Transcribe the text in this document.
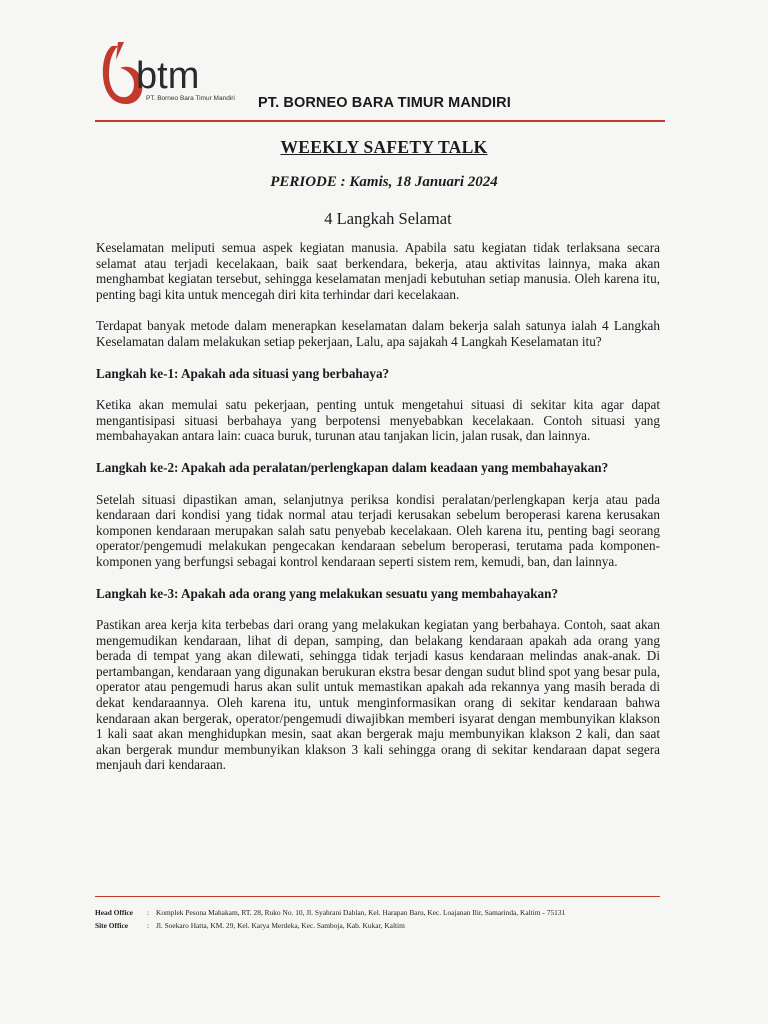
btm
PT. Borneo Bara Timur Mandiri PT. BORNEO BARA TIMUR MANDIRI
WEEKLY SAFETY TALK
PERIODE : Kamis, 18 Januari 2024
4 Langkah Selamat

Keselamatan meliputi semua aspek kegiatan manusia. Apabila satu kegiatan tidak terlaksana secara selamat atau terjadi kecelakaan, baik saat berkendara, bekerja, atau aktivitas lainnya, maka akan menghambat kegiatan tersebut, sehingga keselamatan menjadi kebutuhan setiap manusia. Oleh karena itu, penting bagi kita untuk mencegah diri kita terhindar dari kecelakaan.

Terdapat banyak metode dalam menerapkan keselamatan dalam bekerja salah satunya ialah 4 Langkah Keselamatan dalam melakukan setiap pekerjaan, Lalu, apa sajakah 4 Langkah Keselamatan itu?

Langkah ke-1: Apakah ada situasi yang berbahaya?

Ketika akan memulai satu pekerjaan, penting untuk mengetahui situasi di sekitar kita agar dapat mengantisipasi situasi berbahaya yang berpotensi menyebabkan kecelakaan. Contoh situasi yang membahayakan antara lain: cuaca buruk, turunan atau tanjakan licin, jalan rusak, dan lainnya.

Langkah ke-2: Apakah ada peralatan/perlengkapan dalam keadaan yang membahayakan?

Setelah situasi dipastikan aman, selanjutnya periksa kondisi peralatan/perlengkapan kerja atau pada kendaraan dari kondisi yang tidak normal atau terjadi kerusakan sebelum beroperasi karena kerusakan komponen kendaraan merupakan salah satu penyebab kecelakaan. Oleh karena itu, penting bagi seorang operator/pengemudi melakukan pengecakan kendaraan sebelum beroperasi, terutama pada komponen-komponen yang berfungsi sebagai kontrol kendaraan seperti sistem rem, kemudi, ban, dan lainnya.

Langkah ke-3: Apakah ada orang yang melakukan sesuatu yang membahayakan?

Pastikan area kerja kita terbebas dari orang yang melakukan kegiatan yang berbahaya. Contoh, saat akan mengemudikan kendaraan, lihat di depan, samping, dan belakang kendaraan apakah ada orang yang berada di tempat yang akan dilewati, sehingga tidak terjadi kasus kendaraan melindas anak-anak. Di pertambangan, kendaraan yang digunakan berukuran ekstra besar dengan sudut blind spot yang besar pula, operator atau pengemudi harus akan sulit untuk memastikan apakah ada rekannya yang masih berada di dekat kendaraannya. Oleh karena itu, untuk menginformasikan orang di sekitar kendaraan bahwa kendaraan akan bergerak, operator/pengemudi diwajibkan memberi isyarat dengan membunyikan klakson 1 kali saat akan menghidupkan mesin, saat akan bergerak maju membunyikan klakson 2 kali, dan saat akan bergerak mundur membunyikan klakson 3 kali sehingga orang di sekitar kendaraan dapat segera menjauh dari kendaraan.

Head Office	: Komplek Pesona Mahakam, RT. 28, Ruko No. 10, Jl. Syahrani Dahlan, Kel. Harapan Baru, Kec. Loajanan Ilir, Samarinda, Kaltim - 75131
Site Office	: Jl. Soekaro Hatta, KM. 29, Kel. Karya Merdeka, Kec. Samboja, Kab. Kukar, Kaltim
